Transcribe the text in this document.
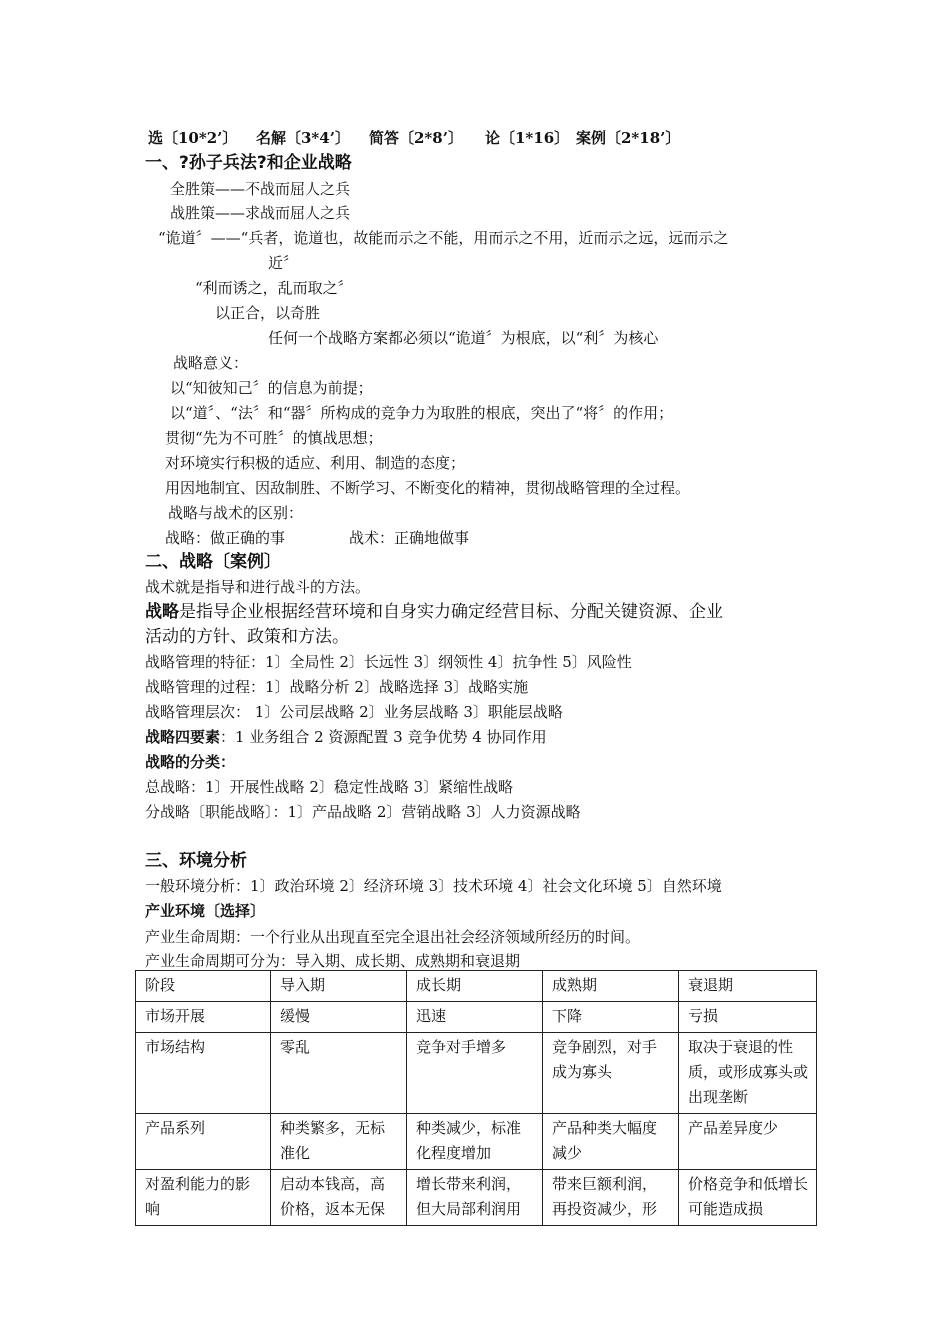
选〔10*2’〕 名解〔3*4’〕 简答〔2*8’〕 论〔1*16〕 案例〔2*18’〕
一、?孙子兵法?和企业战略
全胜策——不战而屈人之兵
战胜策——求战而屈人之兵
“诡道〞——“兵者，诡道也，故能而示之不能，用而示之不用，近而示之远，远而示之
近〞
“利而诱之，乱而取之〞
以正合，以奇胜
任何一个战略方案都必须以“诡道〞为根底，以“利〞为核心
战略意义：
以“知彼知己〞的信息为前提；
以“道〞、“法〞和“器〞所构成的竞争力为取胜的根底，突出了“将〞的作用；
贯彻“先为不可胜〞的慎战思想；
对环境实行积极的适应、利用、制造的态度；
用因地制宜、因敌制胜、不断学习、不断变化的精神，贯彻战略管理的全过程。
战略与战术的区别：
战略：做正确的事	战术：正确地做事
二、战略〔案例〕
战术就是指导和进行战斗的方法。
战略是指导企业根据经营环境和自身实力确定经营目标、分配关键资源、企业
活动的方针、政策和方法。
战略管理的特征：1〕全局性 2〕长远性 3〕纲领性 4〕抗争性 5〕风险性
战略管理的过程：1〕战略分析 2〕战略选择 3〕战略实施
战略管理层次： 1〕公司层战略 2〕业务层战略 3〕职能层战略
战略四要素：1 业务组合 2 资源配置 3 竞争优势 4 协同作用
战略的分类：
总战略：1〕开展性战略 2〕稳定性战略 3〕紧缩性战略
分战略〔职能战略〕：1〕产品战略 2〕营销战略 3〕人力资源战略
三、环境分析
一般环境分析：1〕政治环境 2〕经济环境 3〕技术环境 4〕社会文化环境 5〕自然环境
产业环境〔选择〕
产业生命周期：一个行业从出现直至完全退出社会经济领域所经历的时间。
产业生命周期可分为：导入期、成长期、成熟期和衰退期
阶段	导入期	成长期	成熟期	衰退期
市场开展	缓慢	迅速	下降	亏损
市场结构	零乱	竞争对手增多	竞争剧烈，对手成为寡头	取决于衰退的性质，或形成寡头或出现垄断
产品系列	种类繁多，无标准化	种类减少，标准化程度增加	产品种类大幅度减少	产品差异度少
对盈利能力的影响	启动本钱高，高价格，返本无保	增长带来利润，但大局部利润用	带来巨额利润，再投资减少，形	价格竞争和低增长可能造成损
